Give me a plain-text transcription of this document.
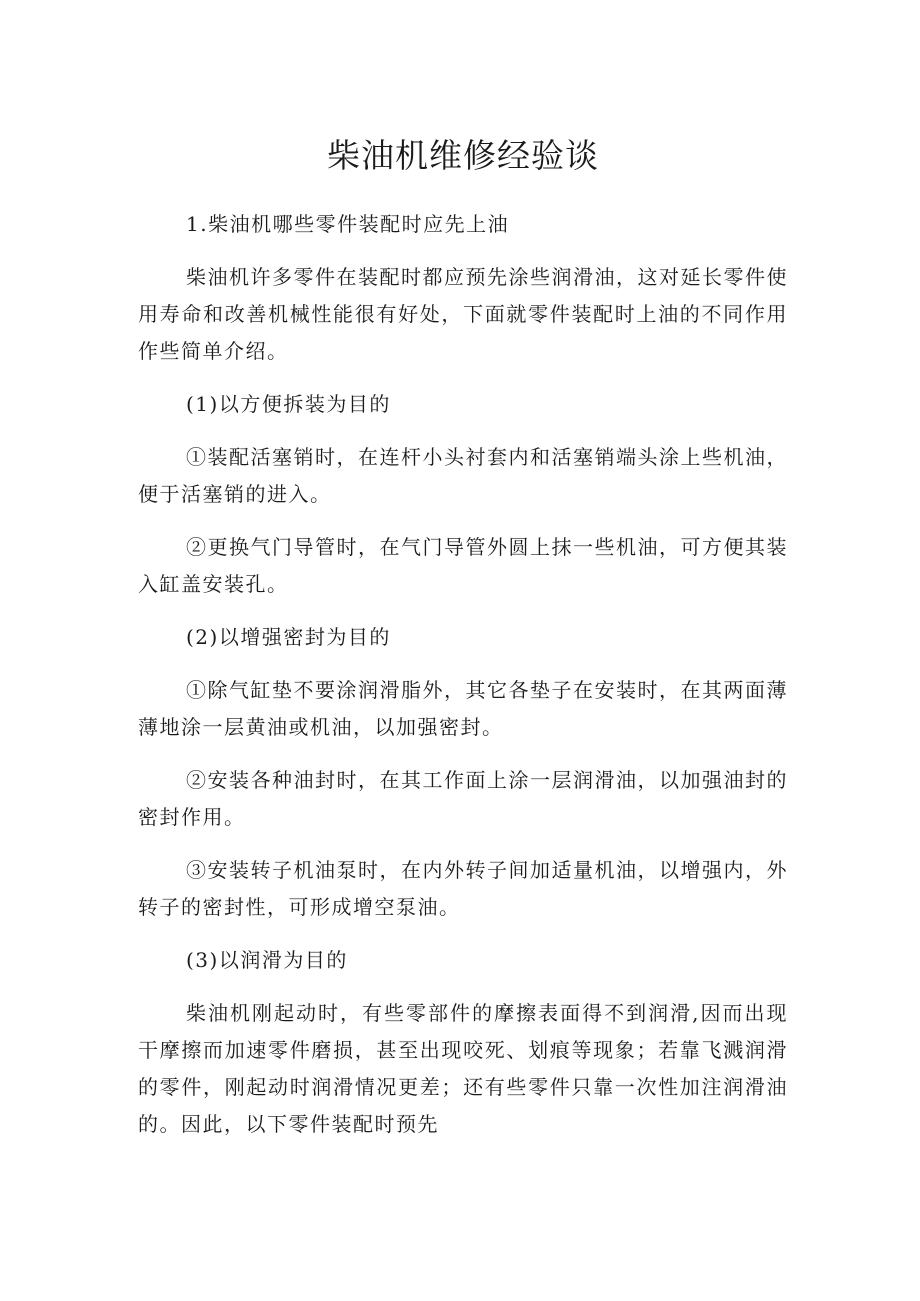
柴油机维修经验谈

1.柴油机哪些零件装配时应先上油

柴油机许多零件在装配时都应预先涂些润滑油，这对延长零件使用寿命和改善机械性能很有好处，下面就零件装配时上油的不同作用作些简单介绍。

(1)以方便拆装为目的

①装配活塞销时，在连杆小头衬套内和活塞销端头涂上些机油，便于活塞销的进入。

②更换气门导管时，在气门导管外圆上抹一些机油，可方便其装入缸盖安装孔。

(2)以增强密封为目的

①除气缸垫不要涂润滑脂外，其它各垫子在安装时，在其两面薄薄地涂一层黄油或机油，以加强密封。

②安装各种油封时，在其工作面上涂一层润滑油，以加强油封的密封作用。

③安装转子机油泵时，在内外转子间加适量机油，以增强内，外转子的密封性，可形成增空泵油。

(3)以润滑为目的

柴油机刚起动时，有些零部件的摩擦表面得不到润滑,因而出现干摩擦而加速零件磨损，甚至出现咬死、划痕等现象；若靠飞溅润滑的零件，刚起动时润滑情况更差；还有些零件只靠一次性加注润滑油的。因此，以下零件装配时预先
